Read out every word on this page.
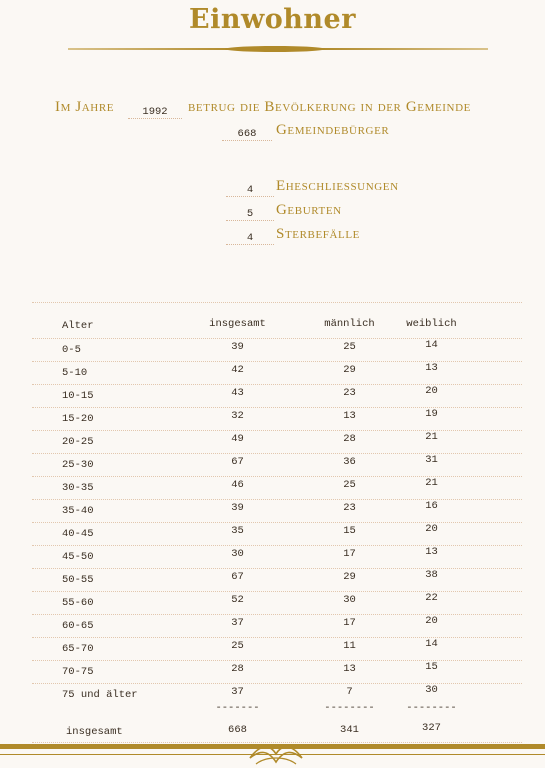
Einwohner
Im Jahre	1992	betrug die Bevölkerung in der Gemeinde
668	Gemeindebürger
4	Eheschliessungen
5	Geburten
4	Sterbefälle
Alter	insgesamt	männlich	weiblich
0-5	39	25	14
5-10	42	29	13
10-15	43	23	20
15-20	32	13	19
20-25	49	28	21
25-30	67	36	31
30-35	46	25	21
35-40	39	23	16
40-45	35	15	20
45-50	30	17	13
50-55	67	29	38
55-60	52	30	22
60-65	37	17	20
65-70	25	11	14
70-75	28	13	15
75 und älter	37	7	30
-------	--------	--------
insgesamt	668	341	327
